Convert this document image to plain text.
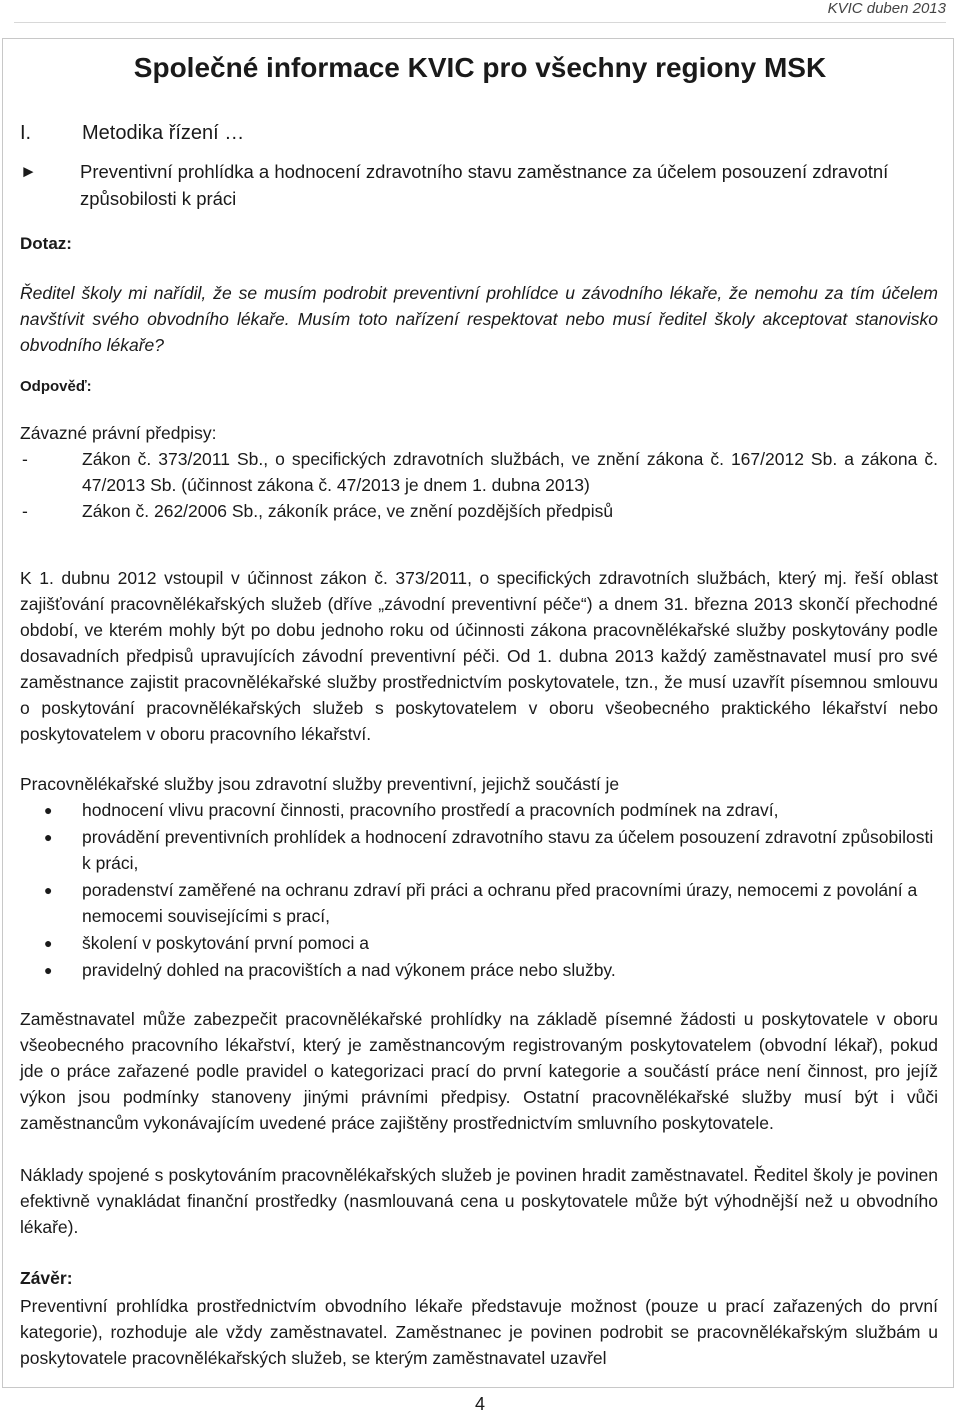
KVIC duben 2013
Společné informace KVIC pro všechny regiony MSK
I.	Metodika řízení …
► Preventivní prohlídka a hodnocení zdravotního stavu zaměstnance za účelem posouzení zdravotní způsobilosti k práci
Dotaz:

Ředitel školy mi nařídil, že se musím podrobit preventivní prohlídce u závodního lékaře, že nemohu za tím účelem navštívit svého obvodního lékaře. Musím toto nařízení respektovat nebo musí ředitel školy akceptovat stanovisko obvodního lékaře?

Odpověď:

Závazné právní předpisy:

-	Zákon č. 373/2011 Sb., o specifických zdravotních službách, ve znění zákona č. 167/2012 Sb. a zákona č. 47/2013 Sb. (účinnost zákona č. 47/2013 je dnem 1. dubna 2013)
-	Zákon č. 262/2006 Sb., zákoník práce, ve znění pozdějších předpisů

K 1. dubnu 2012 vstoupil v účinnost zákon č. 373/2011, o specifických zdravotních službách, který mj. řeší oblast zajišťování pracovnělékařských služeb (dříve „závodní preventivní péče“) a dnem 31. března 2013 skončí přechodné období, ve kterém mohly být po dobu jednoho roku od účinnosti zákona pracovnělékařské služby poskytovány podle dosavadních předpisů upravujících závodní preventivní péči. Od 1. dubna 2013 každý zaměstnavatel musí pro své zaměstnance zajistit pracovnělékařské služby prostřednictvím poskytovatele, tzn., že musí uzavřít písemnou smlouvu o poskytování pracovnělékařských služeb s poskytovatelem v oboru všeobecného praktického lékařství nebo poskytovatelem v oboru pracovního lékařství.

Pracovnělékařské služby jsou zdravotní služby preventivní, jejichž součástí je

● hodnocení vlivu pracovní činnosti, pracovního prostředí a pracovních podmínek na zdraví,
● provádění preventivních prohlídek a hodnocení zdravotního stavu za účelem posouzení zdravotní způsobilosti k práci,
● poradenství zaměřené na ochranu zdraví při práci a ochranu před pracovními úrazy, nemocemi z povolání a nemocemi souvisejícími s prací,
● školení v poskytování první pomoci a
● pravidelný dohled na pracovištích a nad výkonem práce nebo služby.

Zaměstnavatel může zabezpečit pracovnělékařské prohlídky na základě písemné žádosti u poskytovatele v oboru všeobecného pracovního lékařství, který je zaměstnancovým registrovaným poskytovatelem (obvodní lékař), pokud jde o práce zařazené podle pravidel o kategorizaci prací do první kategorie a součástí práce není činnost, pro jejíž výkon jsou podmínky stanoveny jinými právními předpisy. Ostatní pracovnělékařské služby musí být i vůči zaměstnancům vykonávajícím uvedené práce zajištěny prostřednictvím smluvního poskytovatele.

Náklady spojené s poskytováním pracovnělékařských služeb je povinen hradit zaměstnavatel. Ředitel školy je povinen efektivně vynakládat finanční prostředky (nasmlouvaná cena u poskytovatele může být výhodnější než u obvodního lékaře).

Závěr:

Preventivní prohlídka prostřednictvím obvodního lékaře představuje možnost (pouze u prací zařazených do první kategorie), rozhoduje ale vždy zaměstnavatel. Zaměstnanec je povinen podrobit se pracovnělékařským službám u poskytovatele pracovnělékařských služeb, se kterým zaměstnavatel uzavřel

4
